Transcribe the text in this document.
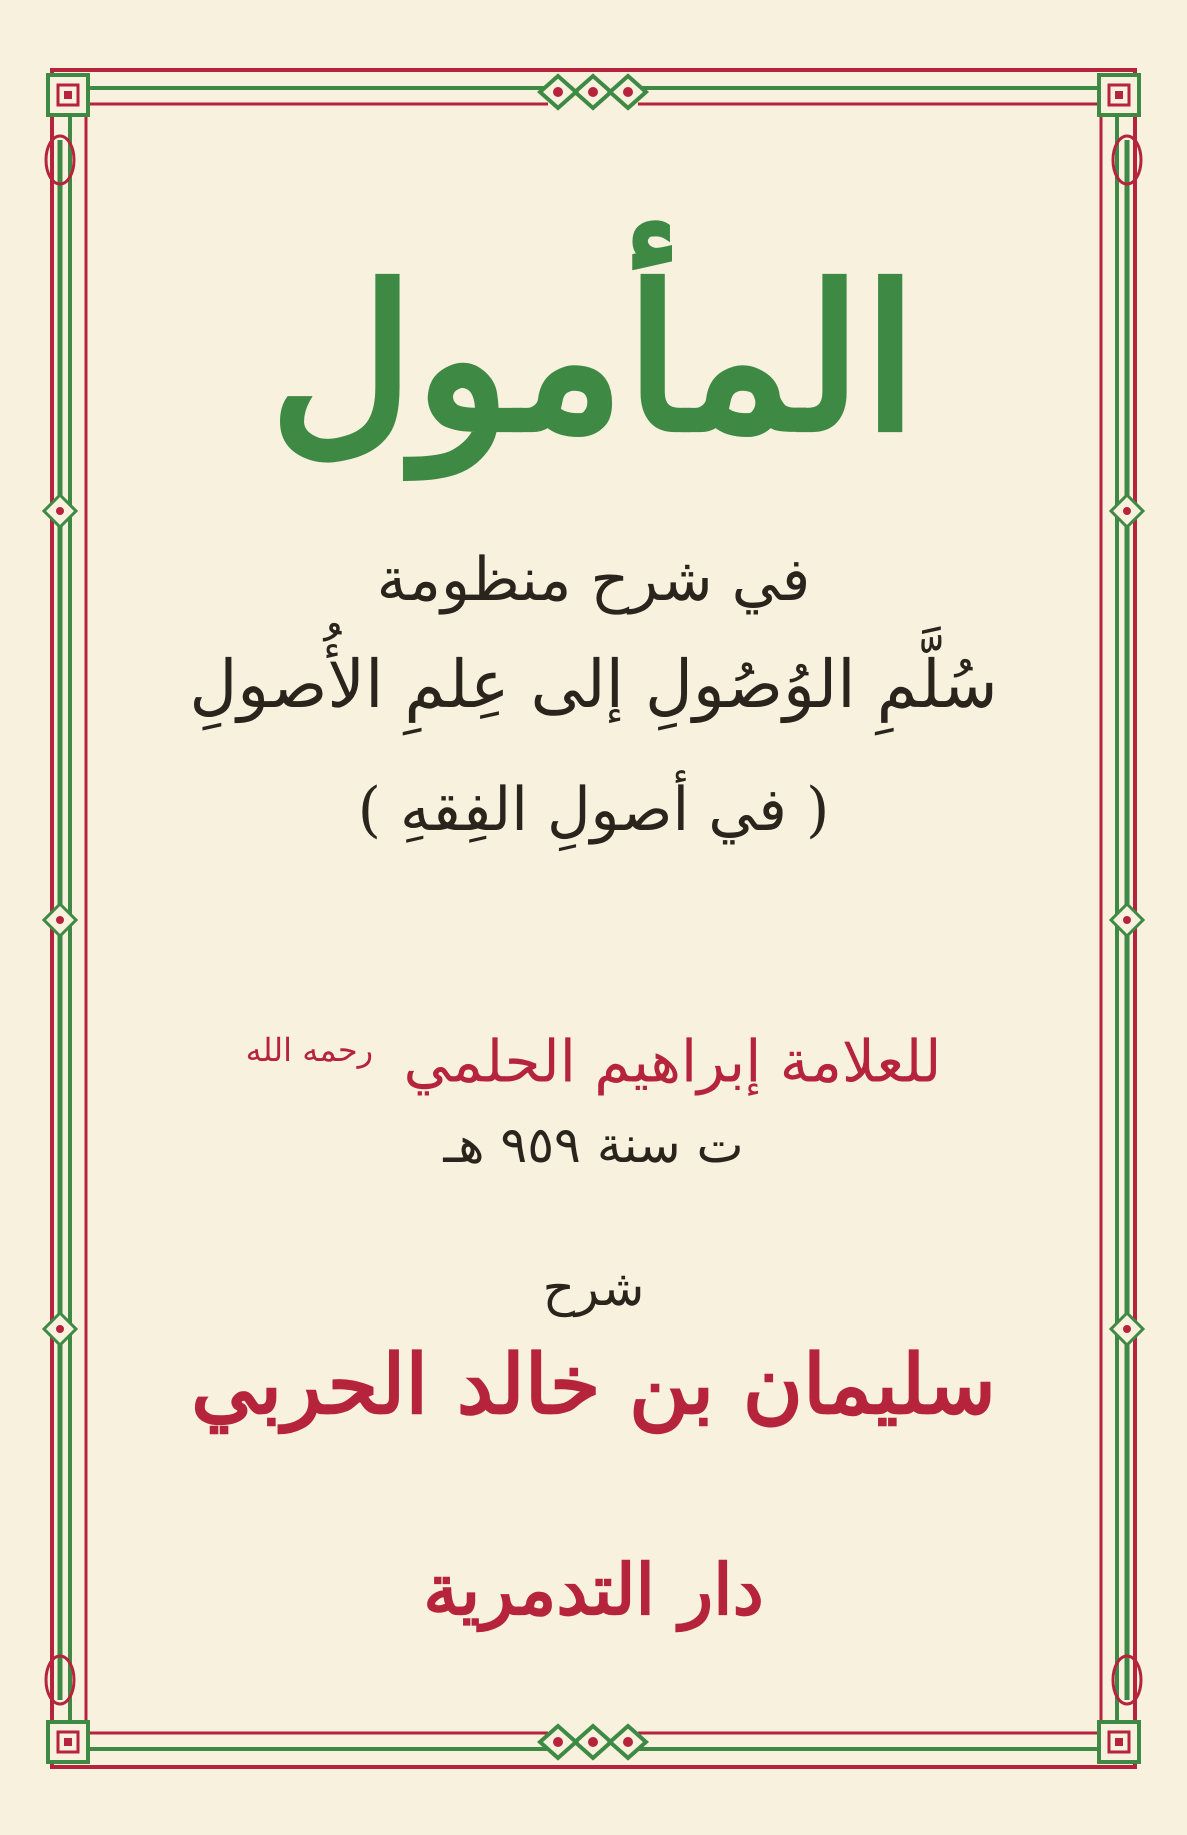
المأمول
في شرح منظومة
سُلَّمِ الوُصُولِ إلى عِلمِ الأُصولِ
( في أصولِ الفِقهِ )
للعلامة إبراهيم الحلمي $^{رحمه الله}$
ت سنة ٩٥٩ هـ
شرح
سليمان بن خالد الحربي
دار التدمرية
